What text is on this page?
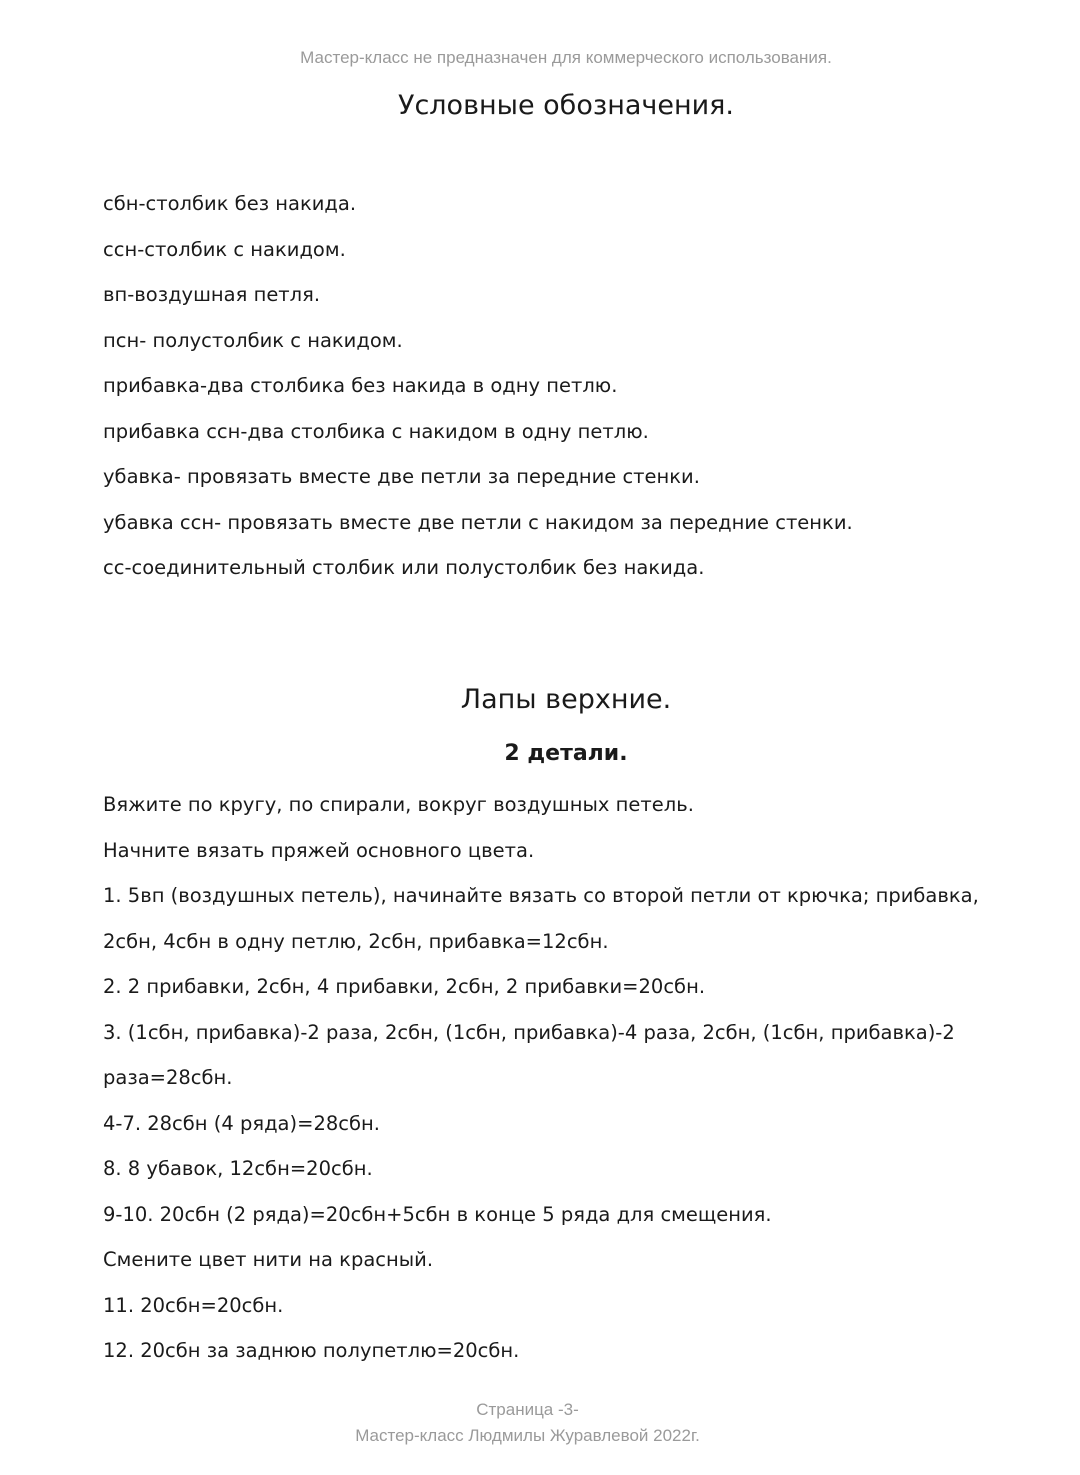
Мастер-класс не предназначен для коммерческого использования.
Условные обозначения.
сбн-столбик без накида.
ссн-столбик с накидом.
вп-воздушная петля.
псн- полустолбик с накидом.
прибавка-два столбика без накида в одну петлю.
прибавка ссн-два столбика с накидом в одну петлю.
убавка- провязать вместе две петли за передние стенки.
убавка ссн- провязать вместе две петли с накидом за передние стенки.
сс-соединительный столбик или полустолбик без накида.
Лапы верхние.
2 детали.
Вяжите по кругу, по спирали, вокруг воздушных петель.
Начните вязать пряжей основного цвета.
1. 5вп (воздушных петель), начинайте вязать со второй петли от крючка; прибавка,
2сбн, 4сбн в одну петлю, 2сбн, прибавка=12сбн.
2. 2 прибавки, 2сбн, 4 прибавки, 2сбн, 2 прибавки=20сбн.
3. (1сбн, прибавка)-2 раза, 2сбн, (1сбн, прибавка)-4 раза, 2сбн, (1сбн, прибавка)-2
раза=28сбн.
4-7. 28сбн (4 ряда)=28сбн.
8. 8 убавок, 12сбн=20сбн.
9-10. 20сбн (2 ряда)=20сбн+5сбн в конце 5 ряда для смещения.
Смените цвет нити на красный.
11. 20сбн=20сбн.
12. 20сбн за заднюю полупетлю=20сбн.
Страница -3-
Мастер-класс Людмилы Журавлевой 2022г.
